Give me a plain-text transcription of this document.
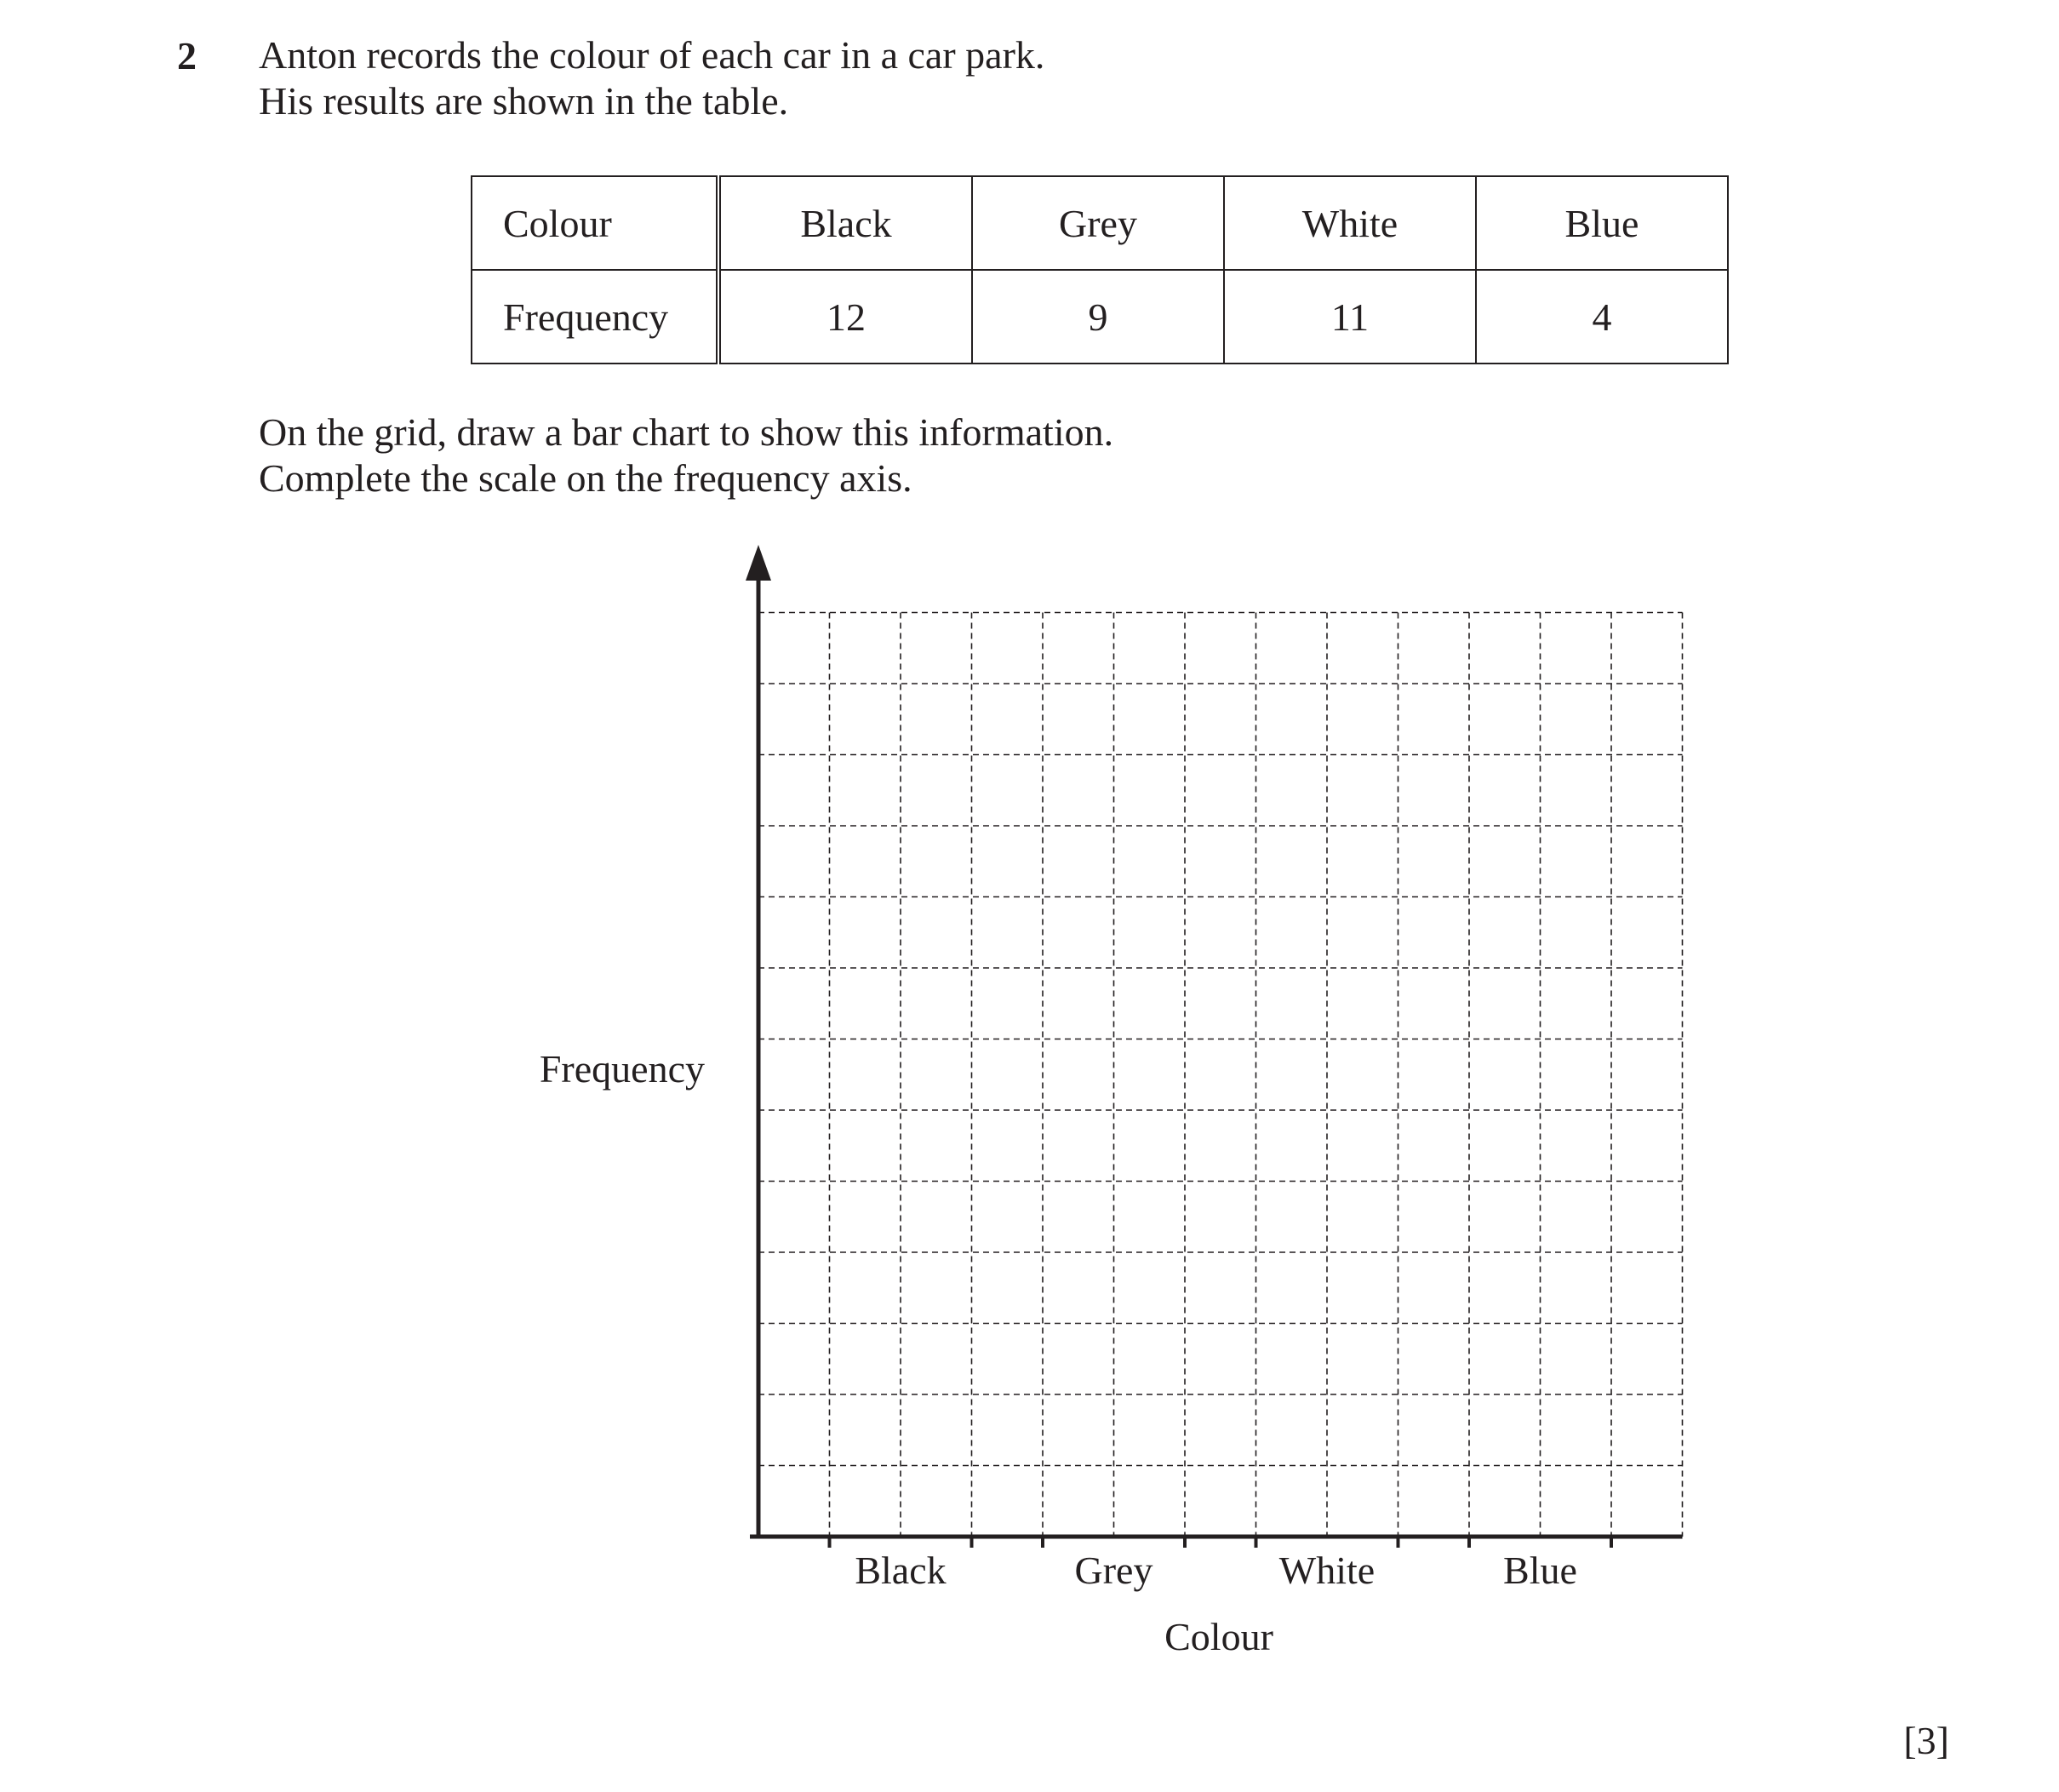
2 Anton records the colour of each car in a car park.
His results are shown in the table.
Colour	Black	Grey	White	Blue
Frequency	12	9	11	4
On the grid, draw a bar chart to show this information.
Complete the scale on the frequency axis.
Black	Grey	White	Blue
Colour
Frequency
[3]
